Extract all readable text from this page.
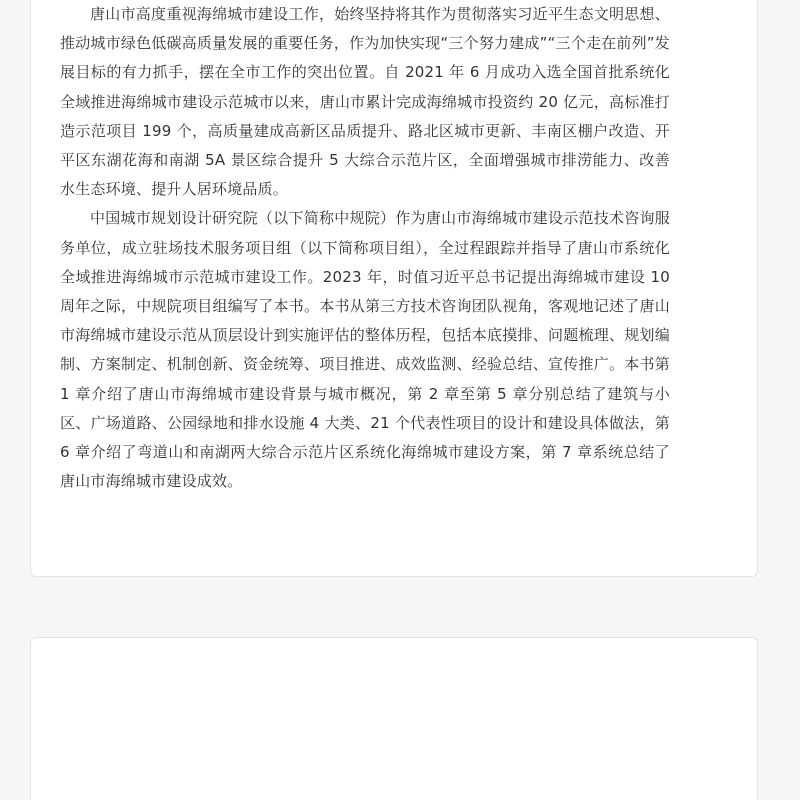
唐山市高度重视海绵城市建设工作，始终坚持将其作为贯彻落实习近平生态文明思想、推动城市绿色低碳高质量发展的重要任务，作为加快实现“三个努力建成”“三个走在前列”发展目标的有力抓手，摆在全市工作的突出位置。自 2021 年 6 月成功入选全国首批系统化全域推进海绵城市建设示范城市以来，唐山市累计完成海绵城市投资约 20 亿元，高标准打造示范项目 199 个，高质量建成高新区品质提升、路北区城市更新、丰南区棚户改造、开平区东湖花海和南湖 5A 景区综合提升 5 大综合示范片区，全面增强城市排涝能力、改善水生态环境、提升人居环境品质。

中国城市规划设计研究院（以下简称中规院）作为唐山市海绵城市建设示范技术咨询服务单位，成立驻场技术服务项目组（以下简称项目组），全过程跟踪并指导了唐山市系统化全域推进海绵城市示范城市建设工作。2023 年，时值习近平总书记提出海绵城市建设 10 周年之际，中规院项目组编写了本书。本书从第三方技术咨询团队视角，客观地记述了唐山市海绵城市建设示范从顶层设计到实施评估的整体历程，包括本底摸排、问题梳理、规划编制、方案制定、机制创新、资金统筹、项目推进、成效监测、经验总结、宣传推广。本书第 1 章介绍了唐山市海绵城市建设背景与城市概况，第 2 章至第 5 章分别总结了建筑与小区、广场道路、公园绿地和排水设施 4 大类、21 个代表性项目的设计和建设具体做法，第 6 章介绍了弯道山和南湖两大综合示范片区系统化海绵城市建设方案，第 7 章系统总结了唐山市海绵城市建设成效。
